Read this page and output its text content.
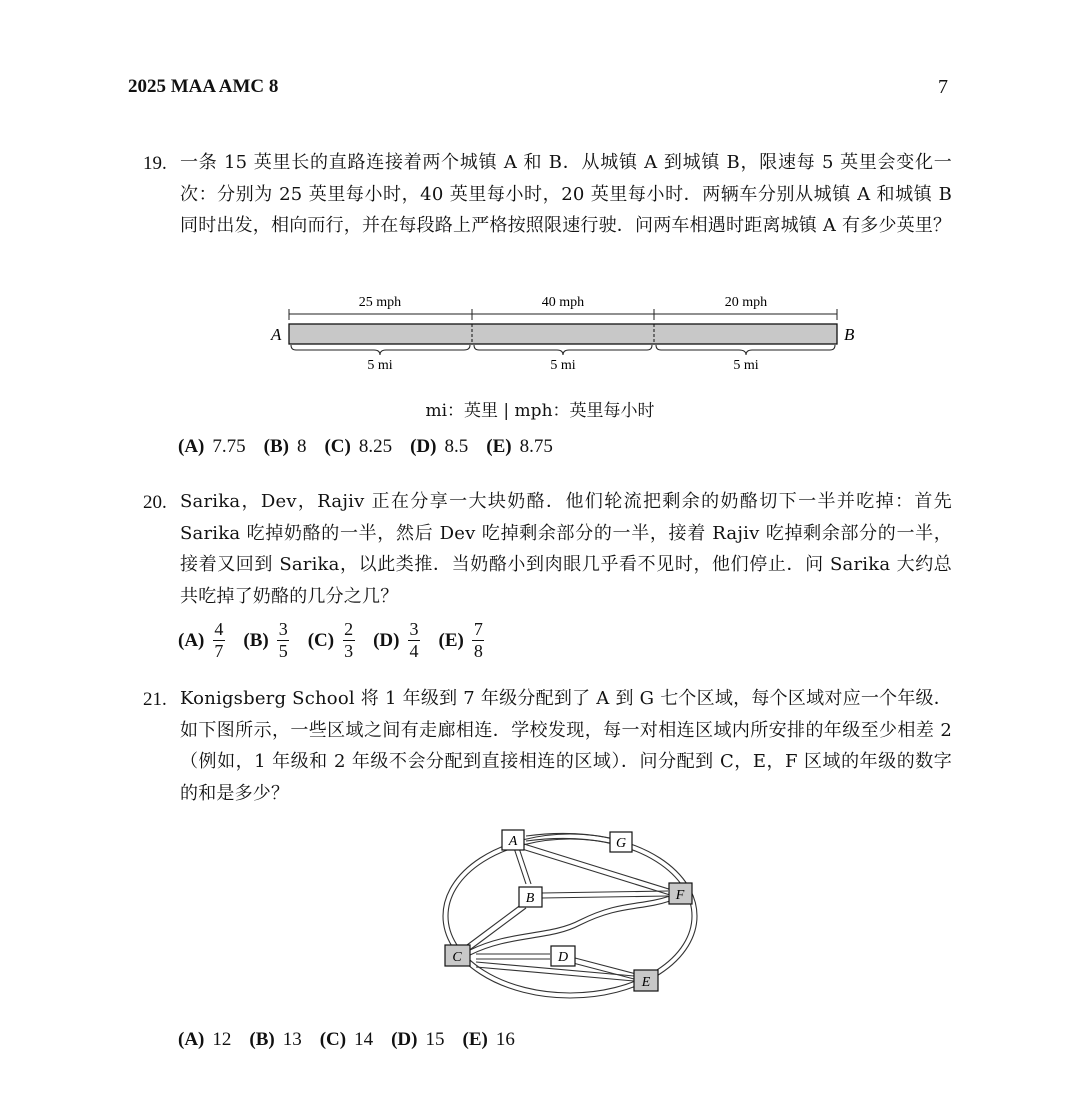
2025 MAA AMC 8	7
19. 一条 15 英里长的直路连接着两个城镇 A 和 B．从城镇 A 到城镇 B，限速每 5 英里会变化一次：分别为 25 英里每小时，40 英里每小时，20 英里每小时．两辆车分别从城镇 A 和城镇 B 同时出发，相向而行，并在每段路上严格按照限速行驶．问两车相遇时距离城镇 A 有多少英里？
25 mph	40 mph	20 mph
A	B
5 mi	5 mi	5 mi
mi：英里 | mph：英里每小时
(A) 7.75 (B) 8 (C) 8.25 (D) 8.5 (E) 8.75
20. Sarika，Dev，Rajiv 正在分享一大块奶酪．他们轮流把剩余的奶酪切下一半并吃掉：首先 Sarika 吃掉奶酪的一半，然后 Dev 吃掉剩余部分的一半，接着 Rajiv 吃掉剩余部分的一半，接着又回到 Sarika，以此类推．当奶酪小到肉眼几乎看不见时，他们停止．问 Sarika 大约总共吃掉了奶酪的几分之几？
$(A) \frac{4}{7} (B) \frac{3}{5} (C) \frac{2}{3} (D) \frac{3}{4} (E) \frac{7}{8}$
21. Konigsberg School 将 1 年级到 7 年级分配到了 A 到 G 七个区域，每个区域对应一个年级．如下图所示，一些区域之间有走廊相连．学校发现，每一对相连区域内所安排的年级至少相差 2（例如，1 年级和 2 年级不会分配到直接相连的区域）．问分配到 C，E，F 区域的年级的数字的和是多少？
A	G
B	F
C	D
E
(A) 12 (B) 13 (C) 14 (D) 15 (E) 16
